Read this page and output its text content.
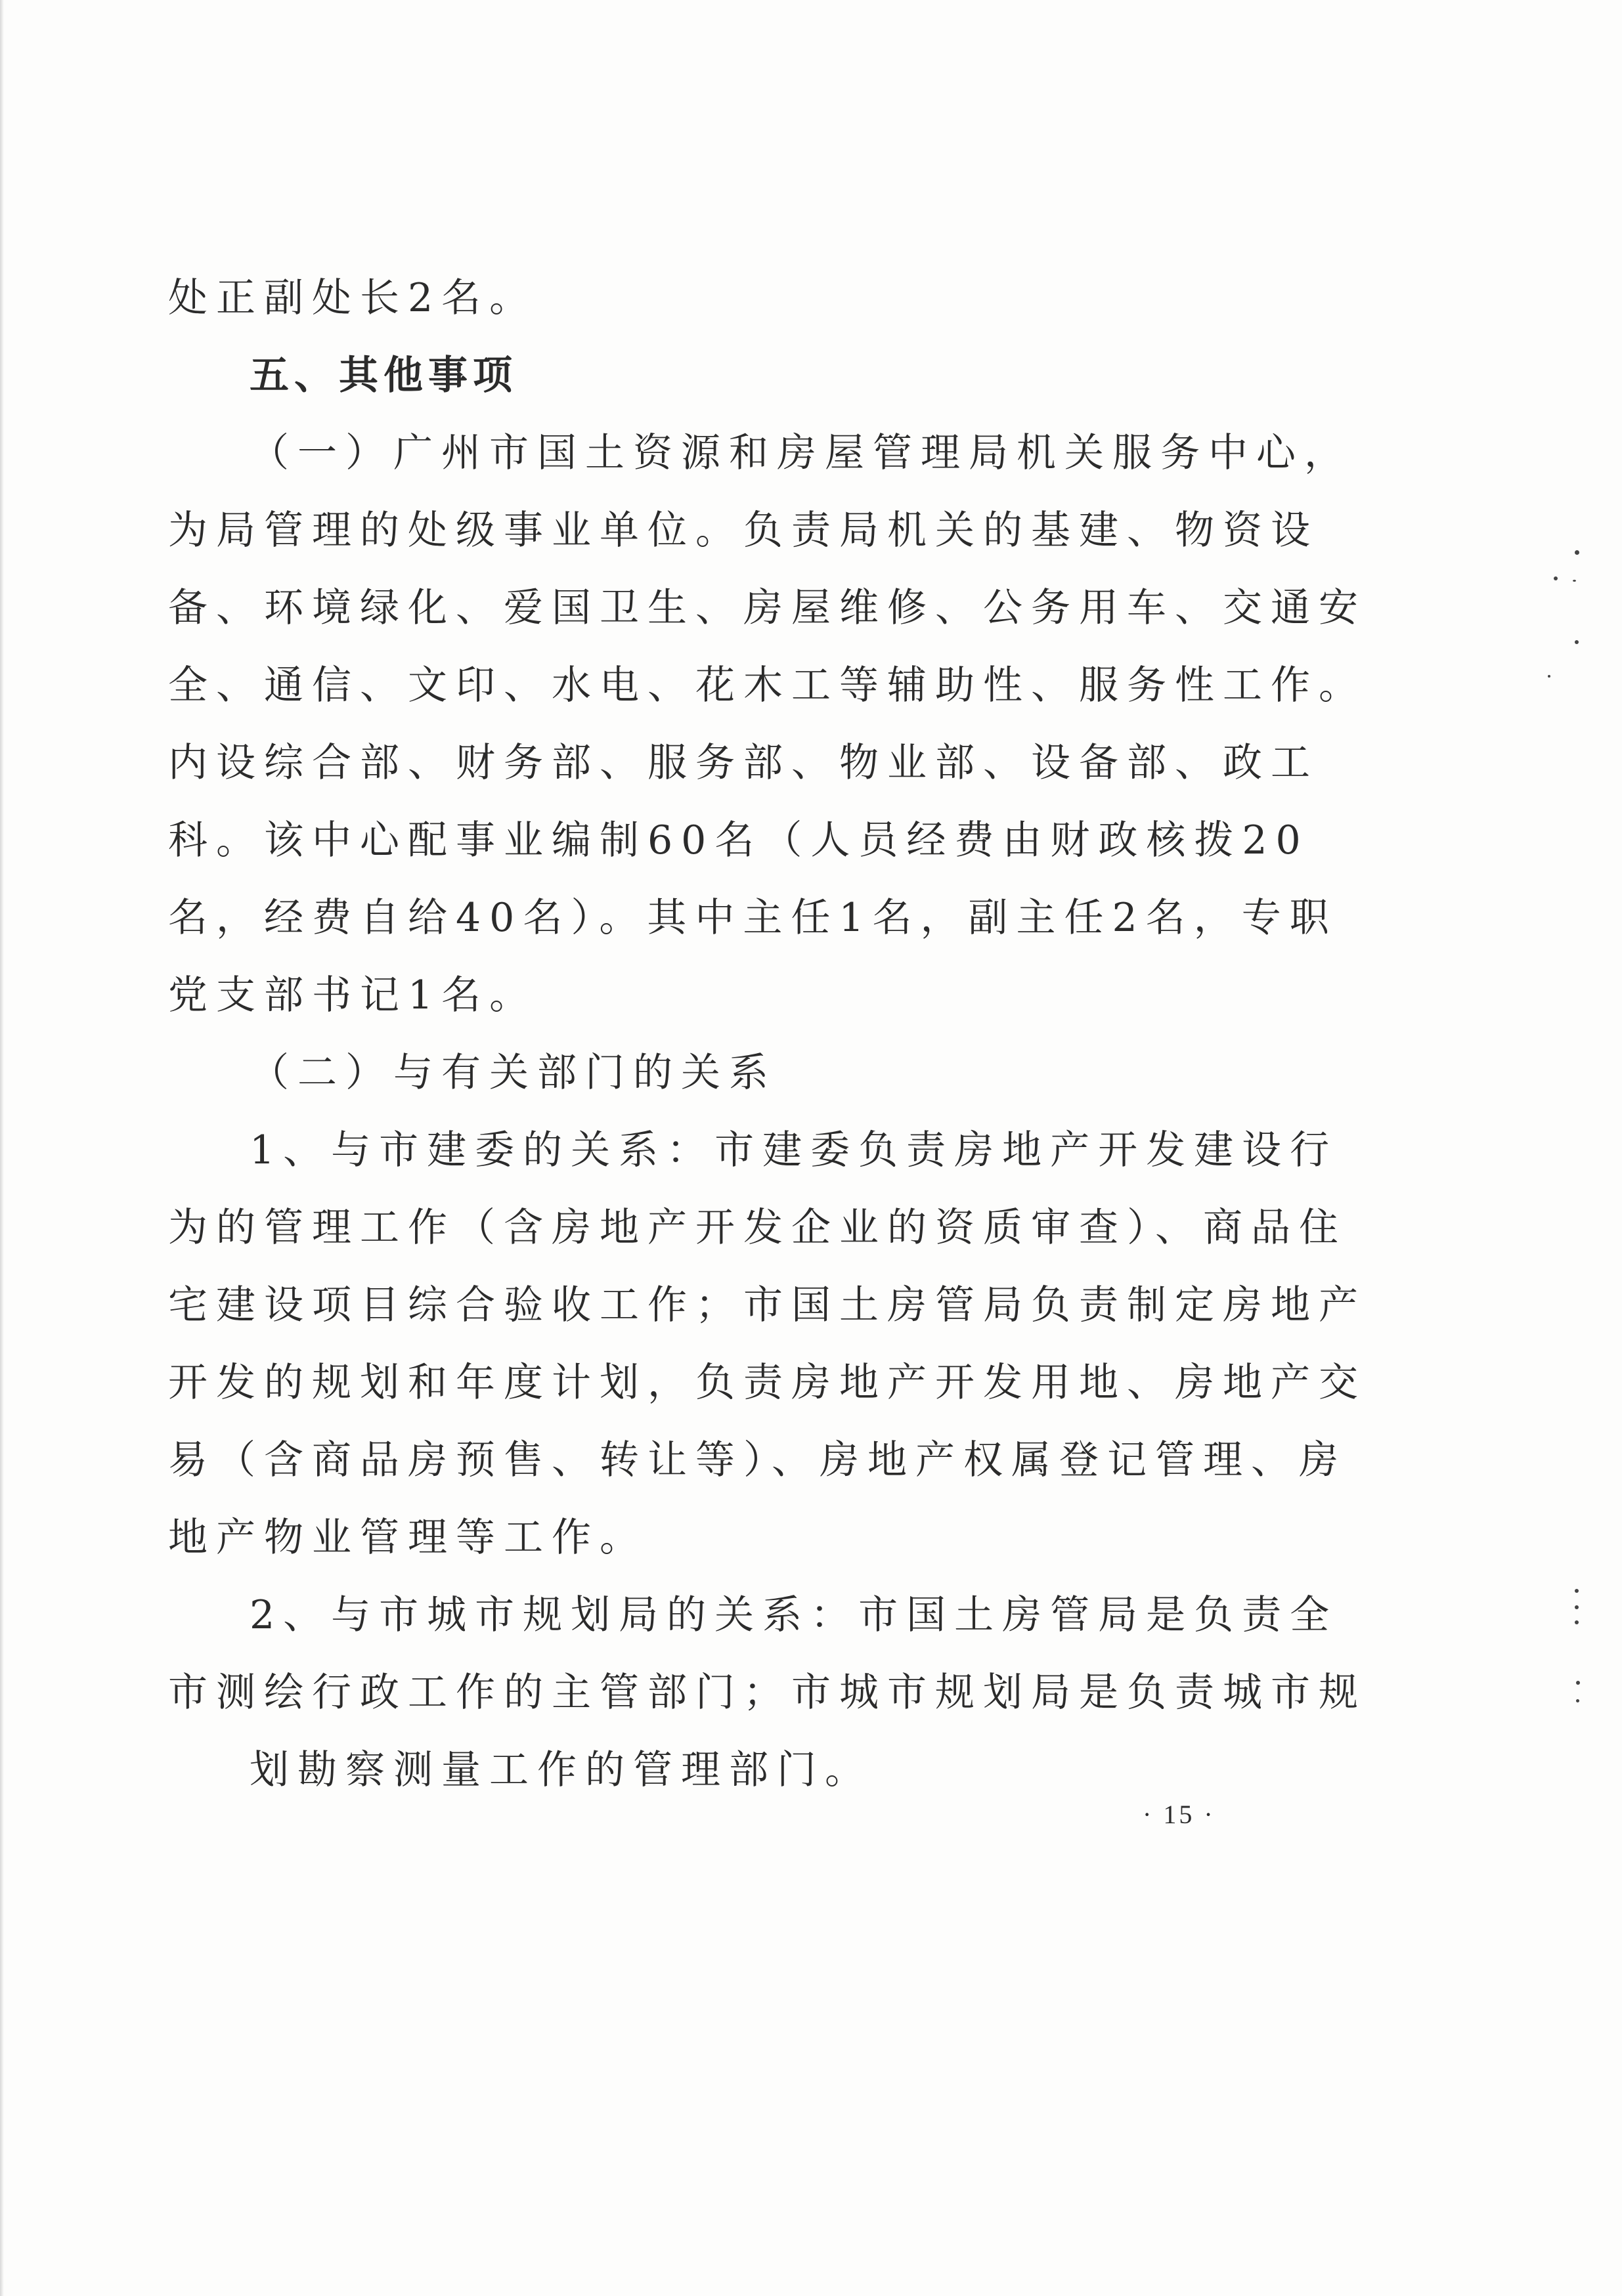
处正副处长2名。
五、其他事项
（一）广州市国土资源和房屋管理局机关服务中心，
为局管理的处级事业单位。负责局机关的基建、物资设
备、环境绿化、爱国卫生、房屋维修、公务用车、交通安
全、通信、文印、水电、花木工等辅助性、服务性工作。
内设综合部、财务部、服务部、物业部、设备部、政工
科。该中心配事业编制60名（人员经费由财政核拨20
名，经费自给40名）。其中主任1名，副主任2名，专职
党支部书记1名。
（二）与有关部门的关系
1、与市建委的关系：市建委负责房地产开发建设行
为的管理工作（含房地产开发企业的资质审查）、商品住
宅建设项目综合验收工作；市国土房管局负责制定房地产
开发的规划和年度计划，负责房地产开发用地、房地产交
易（含商品房预售、转让等）、房地产权属登记管理、房
地产物业管理等工作。
2、与市城市规划局的关系：市国土房管局是负责全
市测绘行政工作的主管部门；市城市规划局是负责城市规
划勘察测量工作的管理部门。
· 15 ·
